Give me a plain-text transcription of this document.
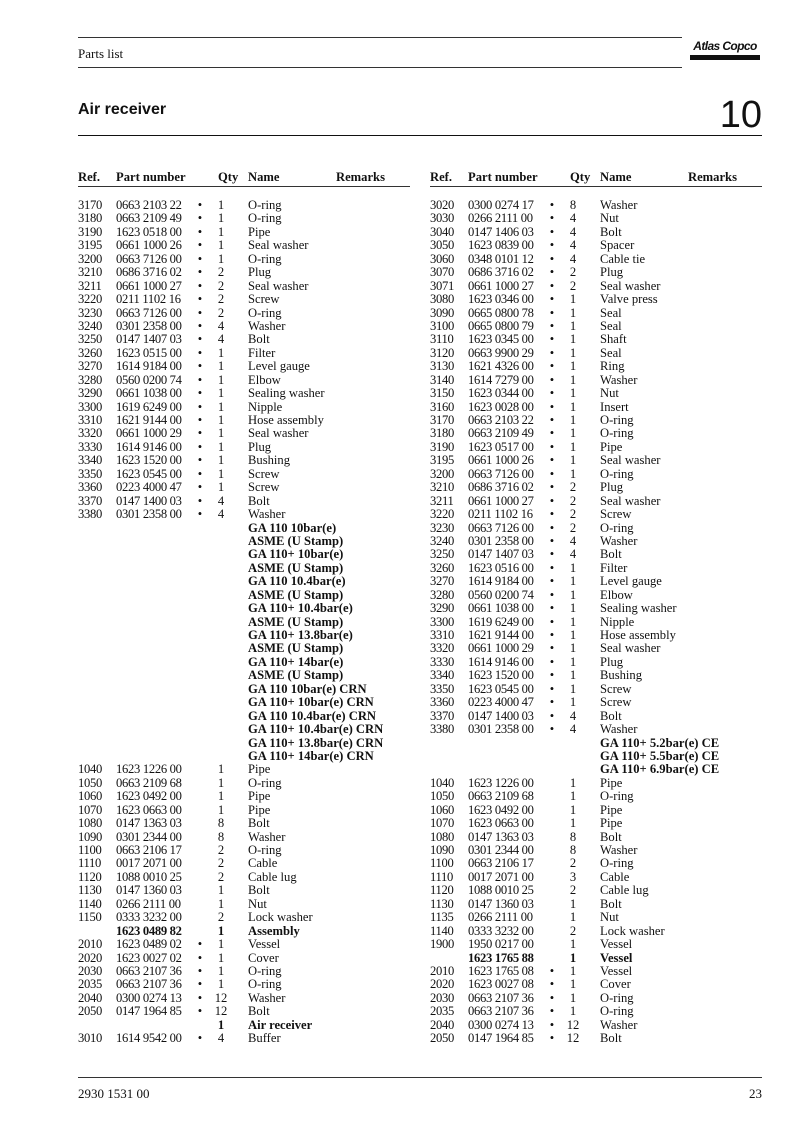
Parts list	Atlas Copco
Air receiver	10
Ref. Part number	Qty Name	Remarks	Ref. Part number	Qty Name	Remarks
3170 0663 2103 22 •	1	O-ring
3180 0663 2109 49 •	1	O-ring
3190 1623 0518 00 •	1	Pipe
3195 0661 1000 26 •	1	Seal washer
3200 0663 7126 00 •	1	O-ring
3210 0686 3716 02 •	2	Plug
3211 0661 1000 27 •	2	Seal washer
3220 0211 1102 16 •	2	Screw
3230 0663 7126 00 •	2	O-ring
3240 0301 2358 00 •	4	Washer
3250 0147 1407 03 •	4	Bolt
3260 1623 0515 00 •	1	Filter
3270 1614 9184 00 •	1	Level gauge
3280 0560 0200 74 •	1	Elbow
3290 0661 1038 00 •	1	Sealing washer
3300 1619 6249 00 •	1	Nipple
3310 1621 9144 00 •	1	Hose assembly
3320 0661 1000 29 •	1	Seal washer
3330 1614 9146 00 •	1	Plug
3340 1623 1520 00 •	1	Bushing
3350 1623 0545 00 •	1	Screw
3360 0223 4000 47 •	1	Screw
3370 0147 1400 03 •	4	Bolt
3380 0301 2358 00 •	4	Washer
GA 110 10bar(e)
ASME (U Stamp)
GA 110+ 10bar(e)
ASME (U Stamp)
GA 110 10.4bar(e)
ASME (U Stamp)
GA 110+ 10.4bar(e)
ASME (U Stamp)
GA 110+ 13.8bar(e)
ASME (U Stamp)
GA 110+ 14bar(e)
ASME (U Stamp)
GA 110 10bar(e) CRN
GA 110+ 10bar(e) CRN
GA 110 10.4bar(e) CRN
GA 110+ 10.4bar(e) CRN
GA 110+ 13.8bar(e) CRN
GA 110+ 14bar(e) CRN
1040 1623 1226 00	1	Pipe
1050 0663 2109 68	1	O-ring
1060 1623 0492 00	1	Pipe
1070 1623 0663 00	1	Pipe
1080 0147 1363 03	8	Bolt
1090 0301 2344 00	8	Washer
1100 0663 2106 17	2	O-ring
1110 0017 2071 00	2	Cable
1120 1088 0010 25	2	Cable lug
1130 0147 1360 03	1	Bolt
1140 0266 2111 00	1	Nut
1150 0333 3232 00	2	Lock washer
1623 0489 82	1	Assembly
2010 1623 0489 02 •	1	Vessel
2020 1623 0027 02 •	1	Cover
2030 0663 2107 36 •	1	O-ring
2035 0663 2107 36 •	1	O-ring
2040 0300 0274 13 • 12 Washer
2050 0147 1964 85 • 12 Bolt
1	Air receiver
3010 1614 9542 00 •	4	Buffer
3020 0300 0274 17 •	8	Washer
3030 0266 2111 00 •	4	Nut
3040 0147 1406 03 •	4	Bolt
3050 1623 0839 00 •	4	Spacer
3060 0348 0101 12 •	4	Cable tie
3070 0686 3716 02 •	2	Plug
3071 0661 1000 27 •	2	Seal washer
3080 1623 0346 00 •	1	Valve press
3090 0665 0800 78 •	1	Seal
3100 0665 0800 79 •	1	Seal
3110 1623 0345 00 •	1	Shaft
3120 0663 9900 29 •	1	Seal
3130 1621 4326 00 •	1	Ring
3140 1614 7279 00 •	1	Washer
3150 1623 0344 00 •	1	Nut
3160 1623 0028 00 •	1	Insert
3170 0663 2103 22 •	1	O-ring
3180 0663 2109 49 •	1	O-ring
3190 1623 0517 00 •	1	Pipe
3195 0661 1000 26 •	1	Seal washer
3200 0663 7126 00 •	1	O-ring
3210 0686 3716 02 •	2	Plug
3211 0661 1000 27 •	2	Seal washer
3220 0211 1102 16 •	2	Screw
3230 0663 7126 00 •	2	O-ring
3240 0301 2358 00 •	4	Washer
3250 0147 1407 03 •	4	Bolt
3260 1623 0516 00 •	1	Filter
3270 1614 9184 00 •	1	Level gauge
3280 0560 0200 74 •	1	Elbow
3290 0661 1038 00 •	1	Sealing washer
3300 1619 6249 00 •	1	Nipple
3310 1621 9144 00 •	1	Hose assembly
3320 0661 1000 29 •	1	Seal washer
3330 1614 9146 00 •	1	Plug
3340 1623 1520 00 •	1	Bushing
3350 1623 0545 00 •	1	Screw
3360 0223 4000 47 •	1	Screw
3370 0147 1400 03 •	4	Bolt
3380 0301 2358 00 •	4	Washer
GA 110+ 5.2bar(e) CE
GA 110+ 5.5bar(e) CE
GA 110+ 6.9bar(e) CE
1040 1623 1226 00	1	Pipe
1050 0663 2109 68	1	O-ring
1060 1623 0492 00	1	Pipe
1070 1623 0663 00	1	Pipe
1080 0147 1363 03	8	Bolt
1090 0301 2344 00	8	Washer
1100 0663 2106 17	2	O-ring
1110 0017 2071 00	3	Cable
1120 1088 0010 25	2	Cable lug
1130 0147 1360 03	1	Bolt
1135 0266 2111 00	1	Nut
1140 0333 3232 00	2	Lock washer
1900 1950 0217 00	1	Vessel
1623 1765 88	1	Vessel
2010 1623 1765 08 •	1	Vessel
2020 1623 0027 08 •	1	Cover
2030 0663 2107 36 •	1	O-ring
2035 0663 2107 36 •	1	O-ring
2040 0300 0274 13 • 12 Washer
2050 0147 1964 85 • 12 Bolt
2930 1531 00	23
